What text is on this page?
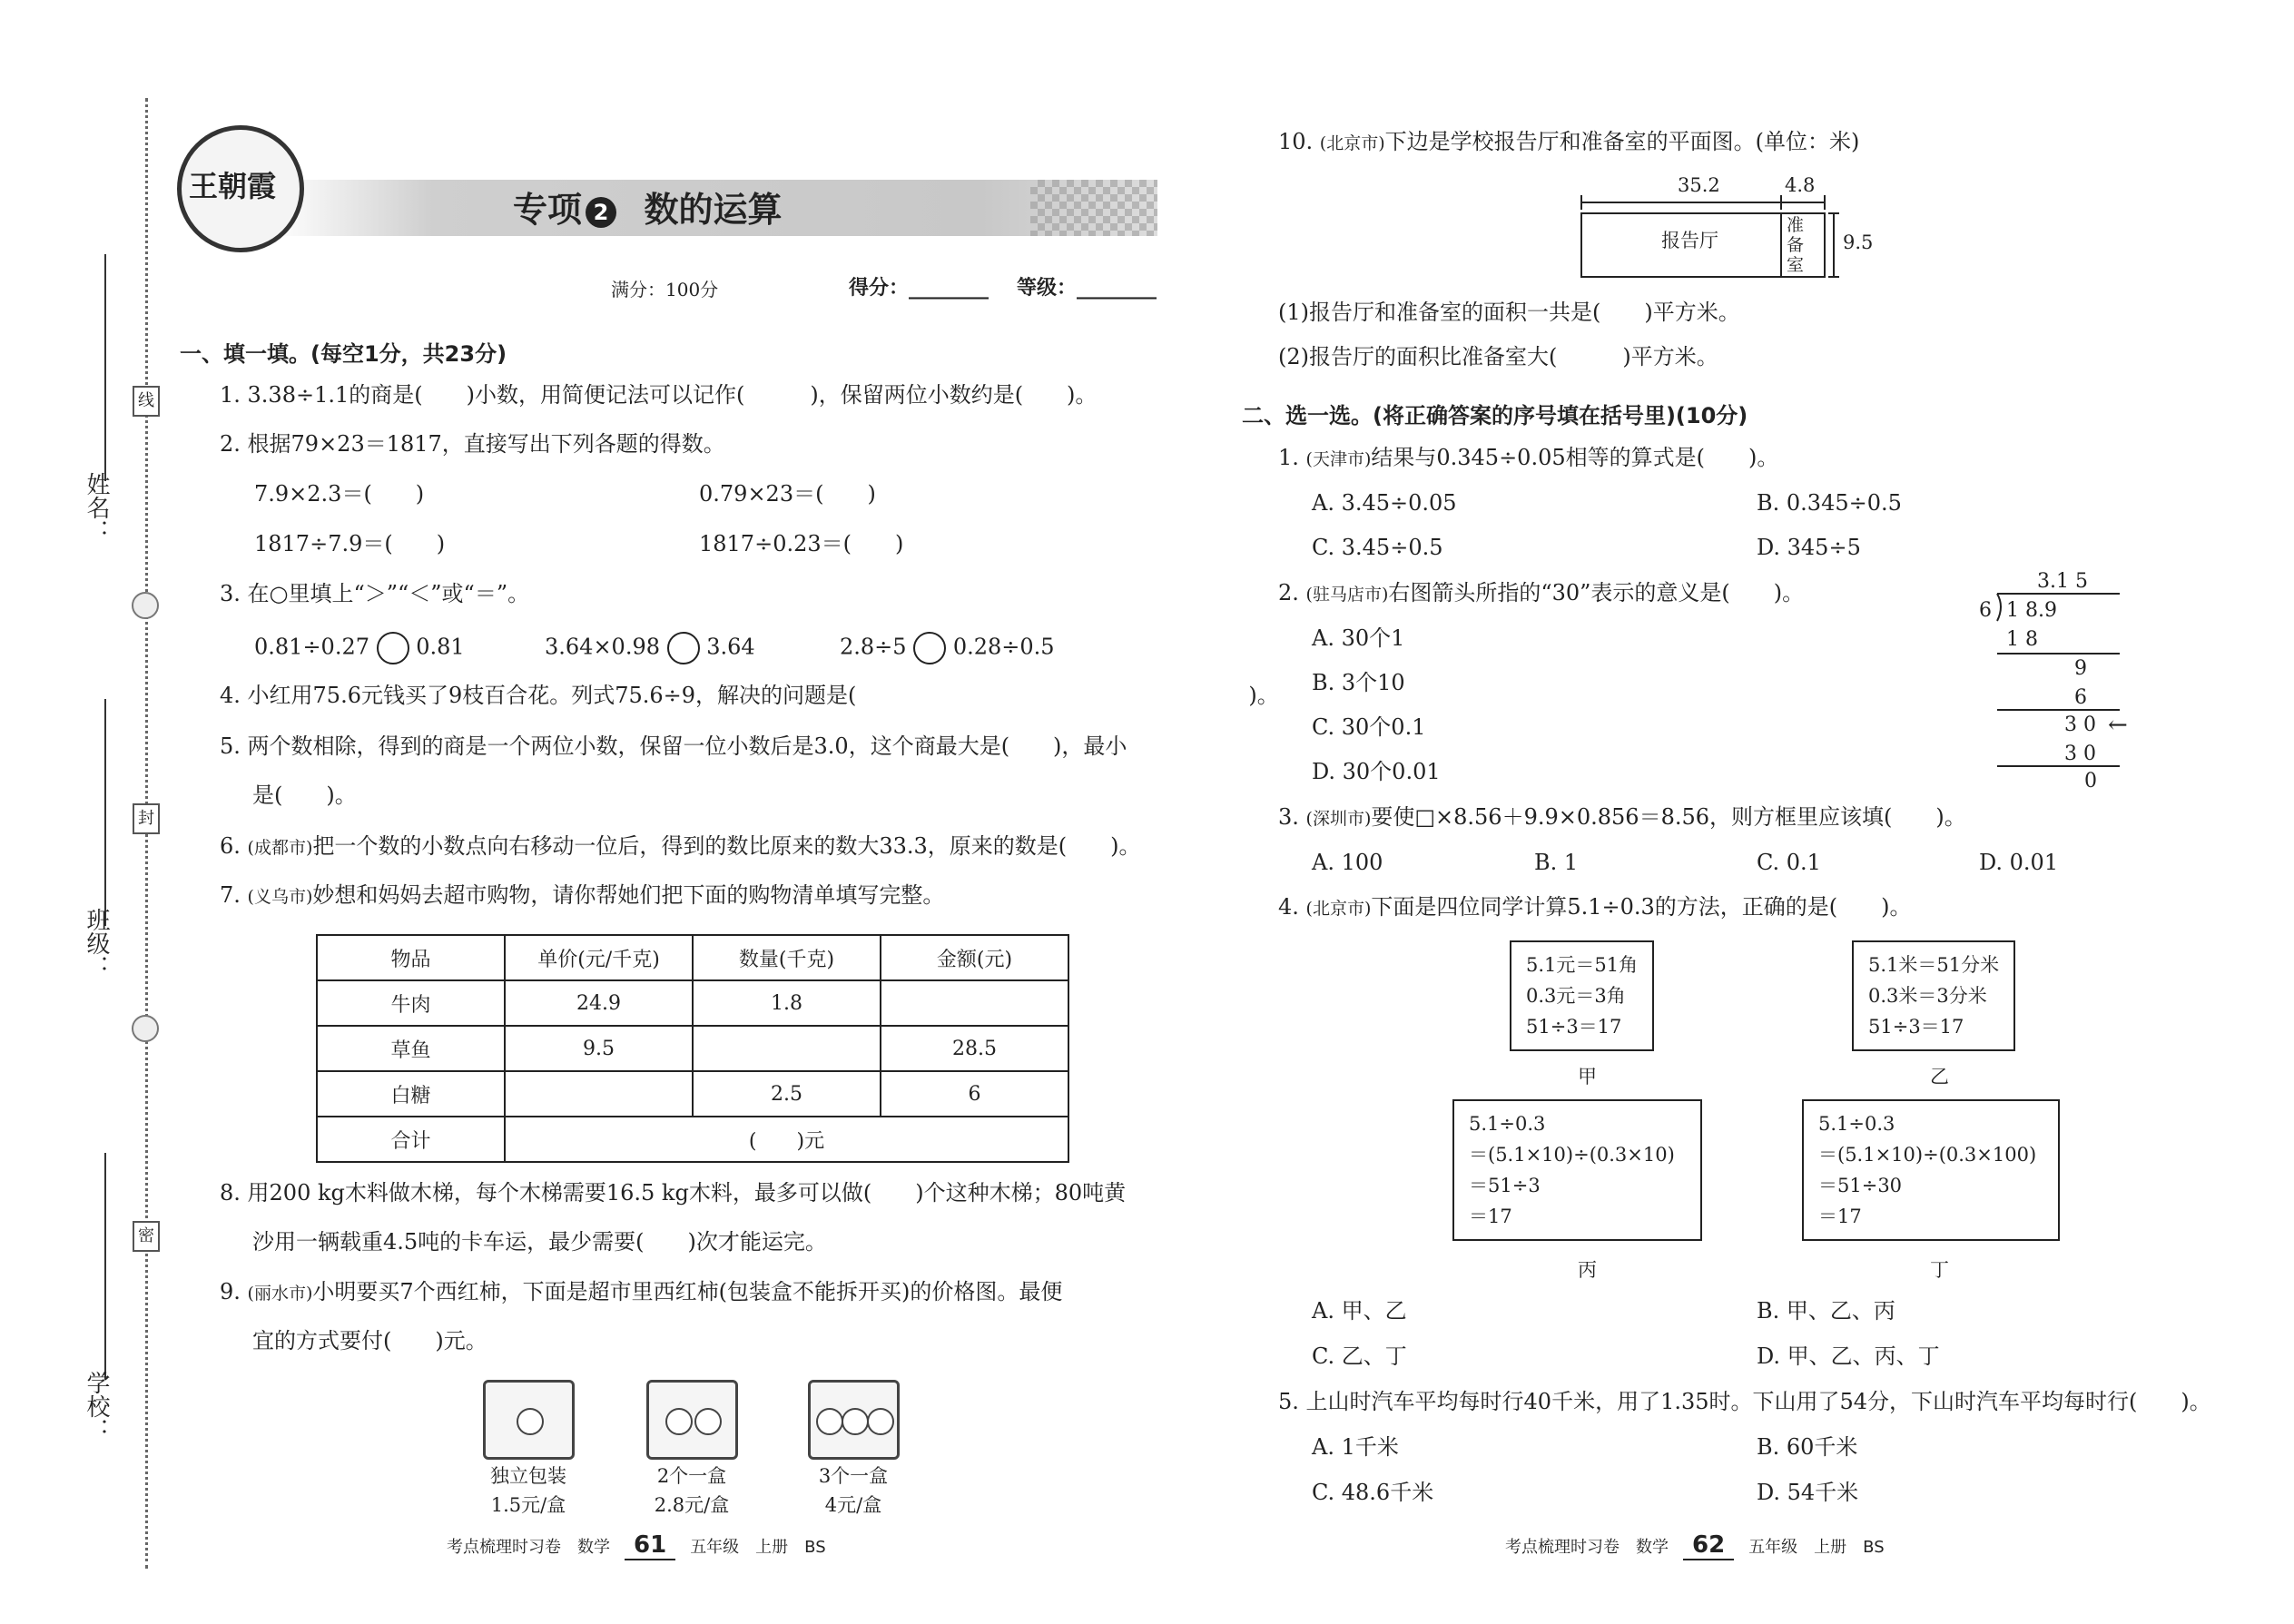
姓名：
班级：
学校：
线
封
密
王朝霞
专项 2 数的运算
满分：100分	得分：________ 等级：________
一、填一填。(每空1分，共23分)
1. 3.38÷1.1的商是(　　)小数，用简便记法可以记作(　　　)，保留两位小数约是(　　)。
2. 根据79×23＝1817，直接写出下列各题的得数。
7.9×2.3＝(　　)	0.79×23＝(　　)
1817÷7.9＝(　　)	1817÷0.23＝(　　)
3. 在○里填上“＞”“＜”或“＝”。
0.81÷0.27 0.81	3.64×0.98 3.64	2.8÷5 0.28÷0.5
4. 小红用75.6元钱买了9枝百合花。列式75.6÷9，解决的问题是(　　　　　　　　　　　　　　　　　　)。
5. 两个数相除，得到的商是一个两位小数，保留一位小数后是3.0，这个商最大是(　　)，最小
是(　　)。
6. (成都市)把一个数的小数点向右移动一位后，得到的数比原来的数大33.3，原来的数是(　　)。
7. (义乌市)妙想和妈妈去超市购物，请你帮她们把下面的购物清单填写完整。
物品	单价(元/千克)	数量(千克)	金额(元)
牛肉	24.9	1.8	
草鱼	9.5		28.5
白糖		2.5	6
合计	(　　)元		
8. 用200 kg木料做木梯，每个木梯需要16.5 kg木料，最多可以做(　　)个这种木梯；80吨黄
沙用一辆载重4.5吨的卡车运，最少需要(　　)次才能运完。
9. (丽水市)小明要买7个西红柿，下面是超市里西红柿(包装盒不能拆开买)的价格图。最便
宜的方式要付(　　)元。
独立包装
1.5元/盒
2个一盒
2.8元/盒
3个一盒
4元/盒
考点梳理时习卷　数学 61 五年级　上册　BS
10. (北京市)下边是学校报告厅和准备室的平面图。(单位：米)
35.2	4.8
9.5
报告厅
准
备
室
(1)报告厅和准备室的面积一共是(　　)平方米。
(2)报告厅的面积比准备室大(　　　)平方米。
二、选一选。(将正确答案的序号填在括号里)(10分)
1. (天津市)结果与0.345÷0.05相等的算式是(　　)。
A. 3.45÷0.05	B. 0.345÷0.5
C. 3.45÷0.5	D. 345÷5
2. (驻马店市)右图箭头所指的“30”表示的意义是(　　)。
A. 30个1
B. 3个10
C. 30个0.1
D. 30个0.01
3.1 5
6 1 8.9
1 8
9
6
3 0 ←
3 0
0
3. (深圳市)要使□×8.56＋9.9×0.856＝8.56，则方框里应该填(　　)。
A. 100	B. 1	C. 0.1	D. 0.01
4. (北京市)下面是四位同学计算5.1÷0.3的方法，正确的是(　　)。
5.1元＝51角
0.3元＝3角
51÷3＝17
甲
5.1米＝51分米
0.3米＝3分米
51÷3＝17
乙
5.1÷0.3
＝(5.1×10)÷(0.3×10)
＝51÷3
＝17
丙
5.1÷0.3
＝(5.1×10)÷(0.3×100)
＝51÷30
＝17
丁
A. 甲、乙	B. 甲、乙、丙
C. 乙、丁	D. 甲、乙、丙、丁
5. 上山时汽车平均每时行40千米，用了1.35时。下山用了54分，下山时汽车平均每时行(　　)。
A. 1千米	B. 60千米
C. 48.6千米	D. 54千米
考点梳理时习卷　数学 62 五年级　上册　BS
